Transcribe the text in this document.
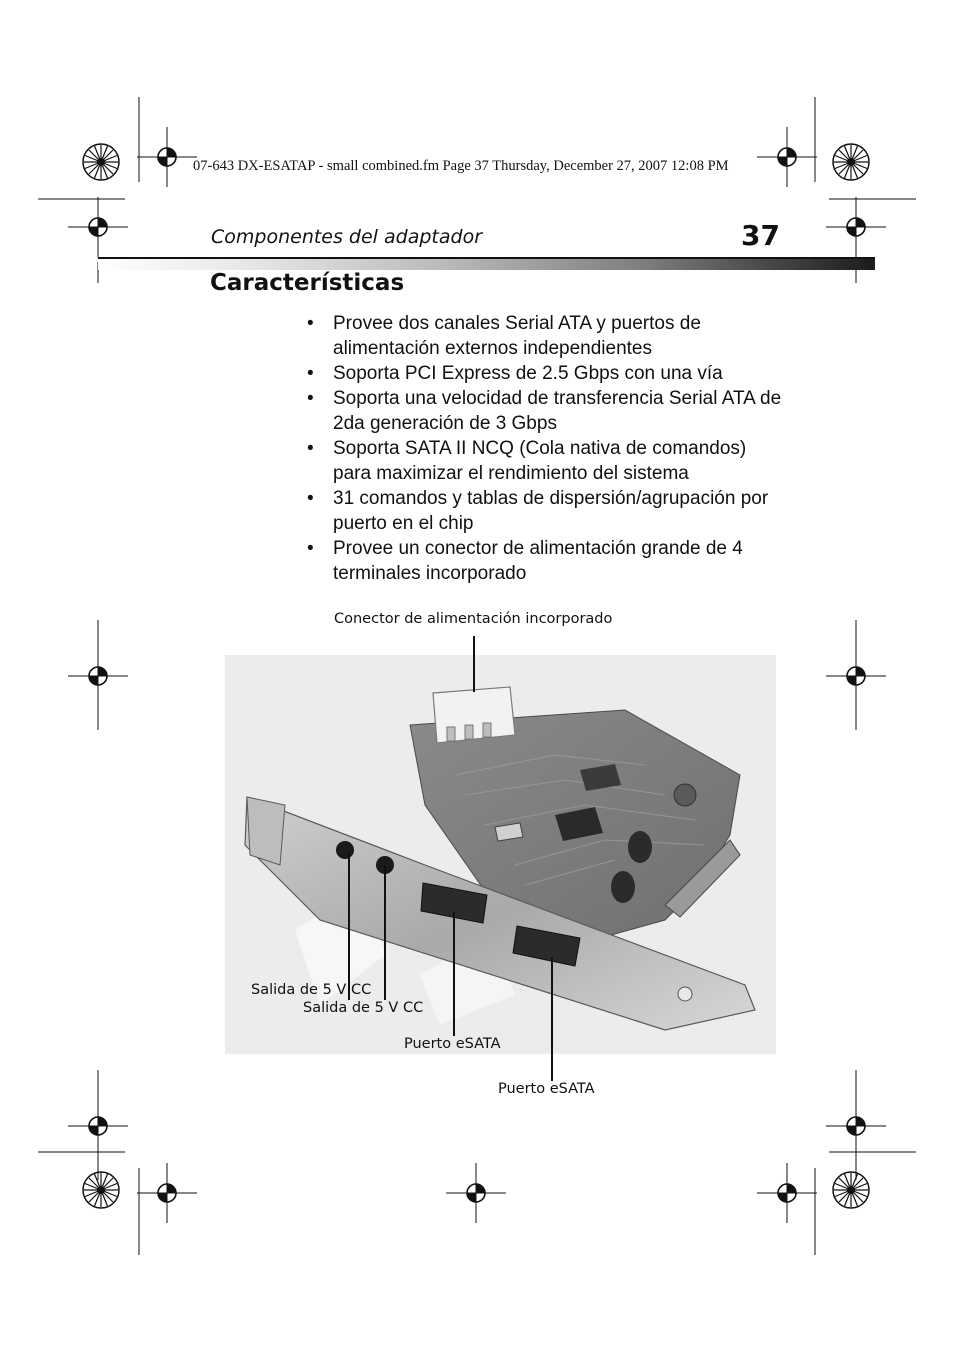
07-643 DX-ESATAP - small combined.fm Page 37 Thursday, December 27, 2007 12:08 PM
Componentes del adaptador	37
Características
• Provee dos canales Serial ATA y puertos de alimentación externos independientes
• Soporta PCI Express de 2.5 Gbps con una vía
• Soporta una velocidad de transferencia Serial ATA de 2da generación de 3 Gbps
• Soporta SATA II NCQ (Cola nativa de comandos) para maximizar el rendimiento del sistema
• 31 comandos y tablas de dispersión/agrupación por puerto en el chip
• Provee un conector de alimentación grande de 4 terminales incorporado
Conector de alimentación incorporado
Salida de 5 V CC
Salida de 5 V CC
Puerto eSATA
Puerto eSATA
